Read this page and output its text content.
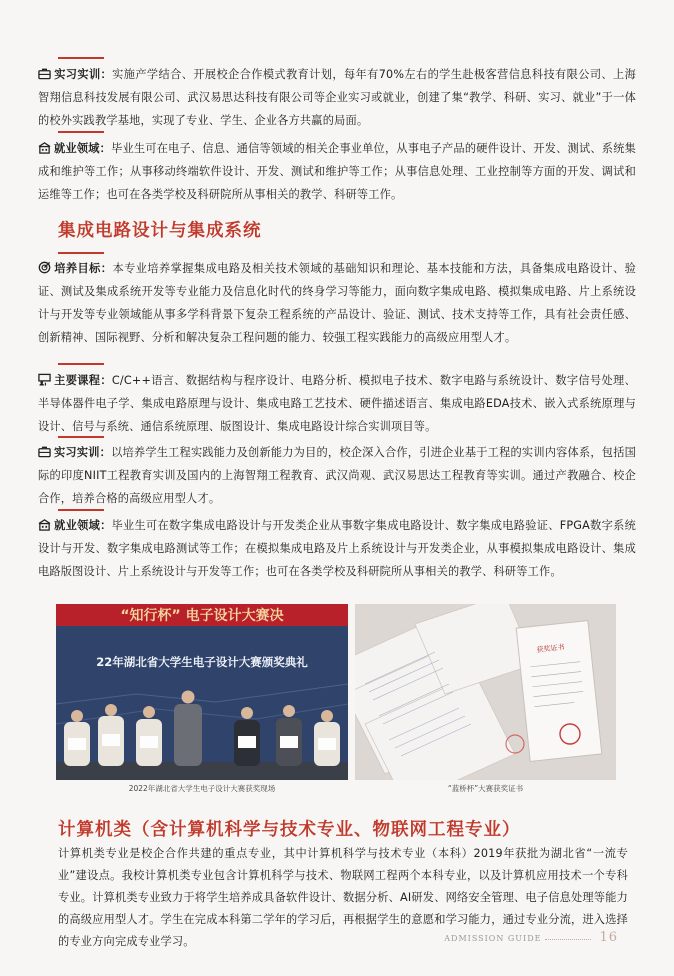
实习实训：实施产学结合、开展校企合作模式教育计划，每年有70%左右的学生赴极客营信息科技有限公司、上海智翔信息科技发展有限公司、武汉易思达科技有限公司等企业实习或就业，创建了集“教学、科研、实习、就业”于一体的校外实践教学基地，实现了专业、学生、企业各方共赢的局面。

就业领域：毕业生可在电子、信息、通信等领域的相关企事业单位，从事电子产品的硬件设计、开发、测试、系统集成和维护等工作；从事移动终端软件设计、开发、测试和维护等工作；从事信息处理、工业控制等方面的开发、调试和运维等工作；也可在各类学校及科研院所从事相关的教学、科研等工作。

集成电路设计与集成系统

培养目标：本专业培养掌握集成电路及相关技术领域的基础知识和理论、基本技能和方法，具备集成电路设计、验证、测试及集成系统开发等专业能力及信息化时代的终身学习等能力，面向数字集成电路、模拟集成电路、片上系统设计与开发等专业领域能从事多学科背景下复杂工程系统的产品设计、验证、测试、技术支持等工作，具有社会责任感、创新精神、国际视野、分析和解决复杂工程问题的能力、较强工程实践能力的高级应用型人才。

主要课程：C/C++语言、数据结构与程序设计、电路分析、模拟电子技术、数字电路与系统设计、数字信号处理、半导体器件电子学、集成电路原理与设计、集成电路工艺技术、硬件描述语言、集成电路EDA技术、嵌入式系统原理与设计、信号与系统、通信系统原理、版图设计、集成电路设计综合实训项目等。

实习实训：以培养学生工程实践能力及创新能力为目的，校企深入合作，引进企业基于工程的实训内容体系，包括国际的印度NIIT工程教育实训及国内的上海智翔工程教育、武汉尚观、武汉易思达工程教育等实训。通过产教融合、校企合作，培养合格的高级应用型人才。

就业领域：毕业生可在数字集成电路设计与开发类企业从事数字集成电路设计、数字集成电路验证、FPGA数字系统设计与开发、数字集成电路测试等工作；在模拟集成电路及片上系统设计与开发类企业，从事模拟集成电路设计、集成电路版图设计、片上系统设计与开发等工作；也可在各类学校及科研院所从事相关的教学、科研等工作。

“知行杯” 电子设计大赛决
22年湖北省大学生电子设计大赛颁奖典礼
2022年湖北省大学生电子设计大赛获奖现场
获奖证书
“蓝桥杯”大赛获奖证书
计算机类（含计算机科学与技术专业、物联网工程专业）

计算机类专业是校企合作共建的重点专业，其中计算机科学与技术专业（本科）2019年获批为湖北省“一流专业”建设点。我校计算机类专业包含计算机科学与技术、物联网工程两个本科专业，以及计算机应用技术一个专科专业。计算机类专业致力于将学生培养成具备软件设计、数据分析、AI研发、网络安全管理、电子信息处理等能力的高级应用型人才。学生在完成本科第二学年的学习后，再根据学生的意愿和学习能力，通过专业分流，进入选择的专业方向完成专业学习。	ADMISSION GUIDE	16
